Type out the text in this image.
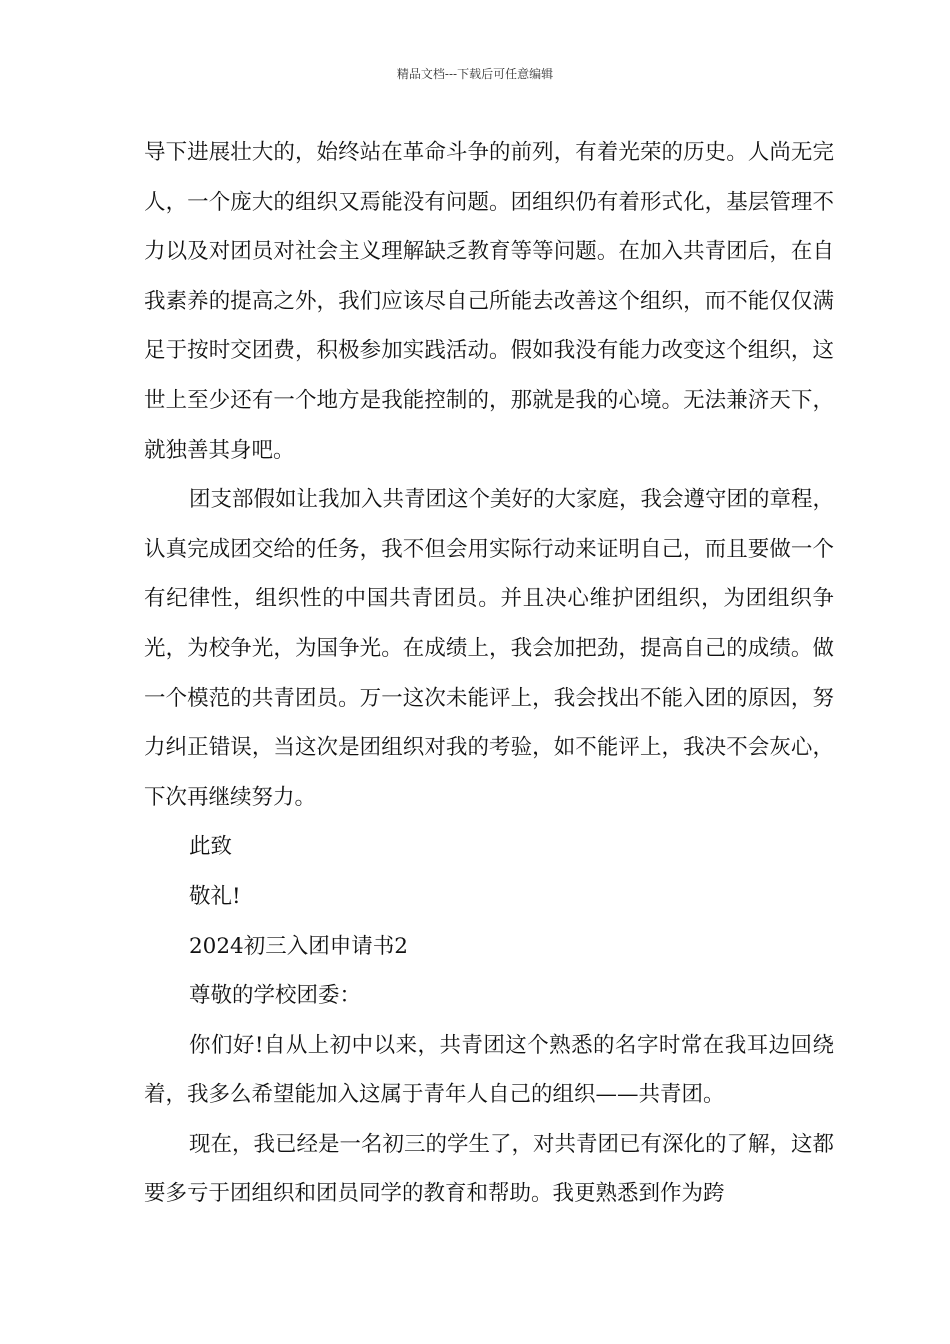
精品文档---下载后可任意编辑

导下进展壮大的，始终站在革命斗争的前列，有着光荣的历史。人尚无完人，一个庞大的组织又焉能没有问题。团组织仍有着形式化，基层管理不力以及对团员对社会主义理解缺乏教育等等问题。在加入共青团后，在自我素养的提高之外，我们应该尽自己所能去改善这个组织，而不能仅仅满足于按时交团费，积极参加实践活动。假如我没有能力改变这个组织，这世上至少还有一个地方是我能控制的，那就是我的心境。无法兼济天下，就独善其身吧。

团支部假如让我加入共青团这个美好的大家庭，我会遵守团的章程，认真完成团交给的任务，我不但会用实际行动来证明自己，而且要做一个有纪律性，组织性的中国共青团员。并且决心维护团组织，为团组织争光，为校争光，为国争光。在成绩上，我会加把劲，提高自己的成绩。做一个模范的共青团员。万一这次未能评上，我会找出不能入团的原因，努力纠正错误，当这次是团组织对我的考验，如不能评上，我决不会灰心，下次再继续努力。

此致

敬礼!

2024初三入团申请书2

尊敬的学校团委：

你们好!自从上初中以来，共青团这个熟悉的名字时常在我耳边回绕着，我多么希望能加入这属于青年人自己的组织——共青团。

现在，我已经是一名初三的学生了，对共青团已有深化的了解，这都要多亏于团组织和团员同学的教育和帮助。我更熟悉到作为跨
